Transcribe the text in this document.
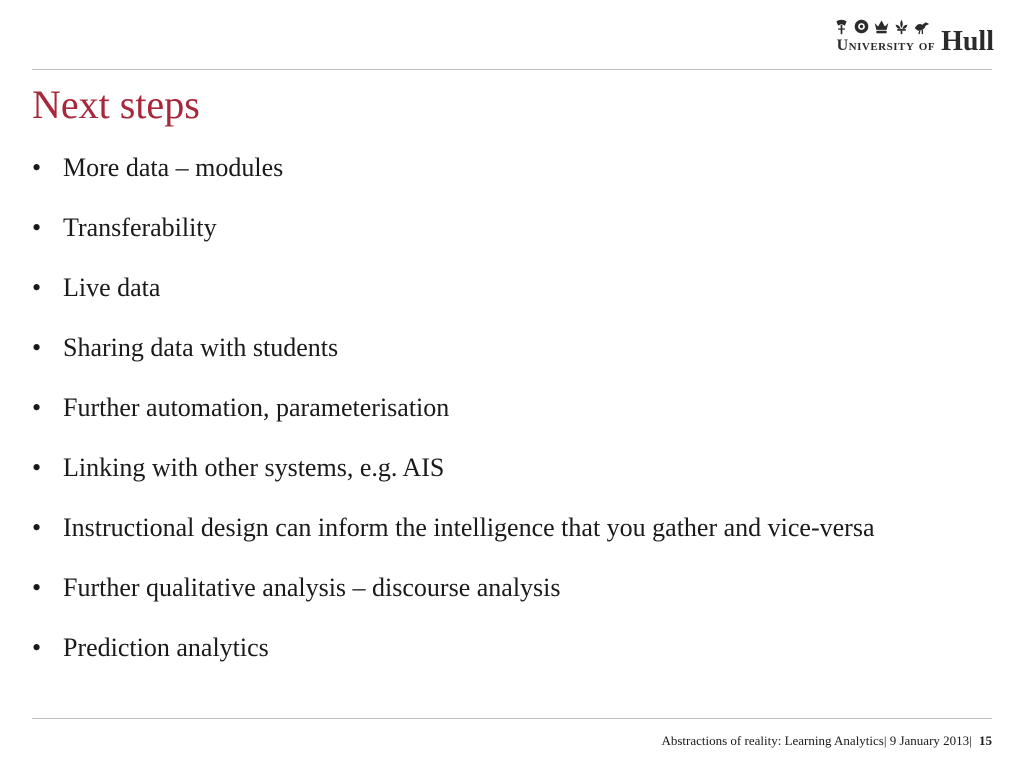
University of Hull
Next steps
• More data – modules
• Transferability
• Live data
• Sharing data with students
• Further automation, parameterisation
• Linking with other systems, e.g. AIS
• Instructional design can inform the intelligence that you gather and vice-versa
• Further qualitative analysis – discourse analysis
• Prediction analytics
Abstractions of reality: Learning Analytics| 9 January 2013| 15
